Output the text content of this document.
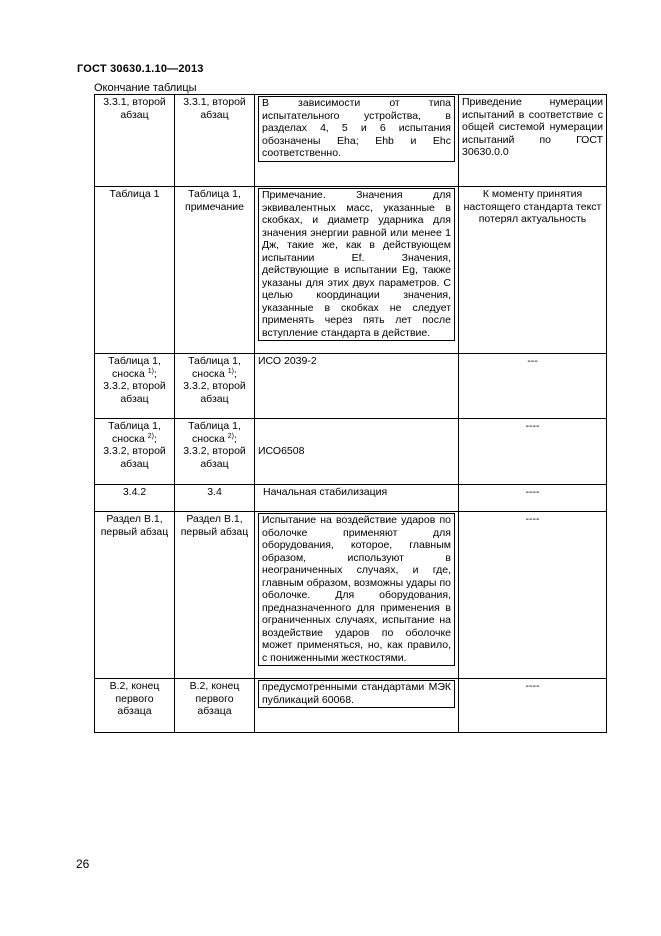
ГОСТ 30630.1.10—2013
Окончание таблицы
3.3.1, второй абзац	3.3.1, второй абзац	В зависимости от типа испытательного устройства, в разделах 4, 5 и 6 испытания обозначены Eha; Ehb и Ehc соответственно.	Приведение нумерации испытаний в соответствие с общей системой нумерации испытаний по ГОСТ 30630.0.0
Таблица 1	Таблица 1, примечание	Примечание. Значения для эквивалентных масс, указанные в скобках, и диаметр ударника для значения энергии равной или менее 1 Дж, такие же, как в действующем испытании Ef. Значения, действующие в испытании Eg, также указаны для этих двух параметров. С целью координации значения, указанные в скобках не следует применять через пять лет после вступление стандарта в действие.	К моменту принятия настоящего стандарта текст потерял актуальность
Таблица 1, сноска $^{1)}$; 3.3.2, второй абзац	Таблица 1, сноска $^{1)}$; 3.3.2, второй абзац	ИСО 2039-2	---
Таблица 1, сноска $^{2)}$; 3.3.2, второй абзац	Таблица 1, сноска $^{2)}$; 3.3.2, второй абзац	ИСО6508	----
3.4.2	3.4	Начальная стабилизация	----
Раздел В.1, первый абзац	Раздел В.1, первый абзац	Испытание на воздействие ударов по оболочке применяют для оборудования, которое, главным образом, используют в неограниченных случаях, и где, главным образом, возможны удары по оболочке. Для оборудования, предназначенного для применения в ограниченных случаях, испытание на воздействие ударов по оболочке может применяться, но, как правило, с пониженными жесткостями.	----
В.2, конец первого абзаца	В.2, конец первого абзаца	предусмотренными стандартами МЭК публикаций 60068.	----
26
